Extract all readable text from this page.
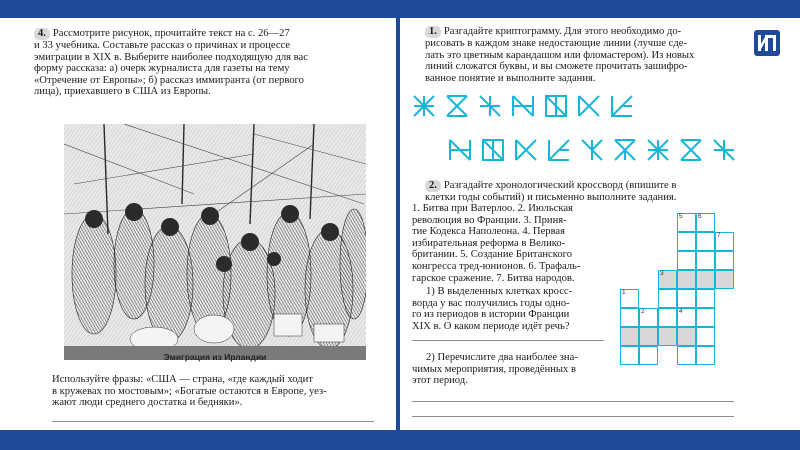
4. Рассмотрите рисунок, прочитайте текст на с. 26—27
и 33 учебника. Составьте рассказ о причинах и процессе
эмиграции в XIX в. Выберите наиболее подходящую для вас
форму рассказа: а) очерк журналиста для газеты на тему
«Отречение от Европы»; б) рассказ иммигранта (от первого
лица), приехавшего в США из Европы.
Эмиграция из Ирландии
Используйте фразы: «США — страна, «где каждый ходит
в кружевах по мостовым»; «Богатые остаются в Европе, уез-
жают люди среднего достатка и бедняки».
1. Разгадайте криптограмму. Для этого необходимо до-
рисовать в каждом знаке недостающие линии (лучше сде-
лать это цветным карандашом или фломастером). Из новых
линий сложатся буквы, и вы сможете прочитать зашифро-
ванное понятие и выполните задания.
2. Разгадайте хронологический кроссворд (впишите в
клетки годы событий) и письменно выполните задания.
1. Битва при Ватерлоо. 2. Июльская
революция во Франции. 3. Приня-
тие Кодекса Наполеона. 4. Первая
избирательная реформа в Велико-
британии. 5. Создание Британского
конгресса тред-юнионов. 6. Трафаль-
гарское сражение. 7. Битва народов.
1) В выделенных клетках кросс-
ворда у вас получились годы одно-
го из периодов в истории Франции
XIX в. О каком периоде идёт речь?
2) Перечислите два наиболее зна-
чимых мероприятия, проведённых в
этот период.
1
2
3
4
5 6
7
